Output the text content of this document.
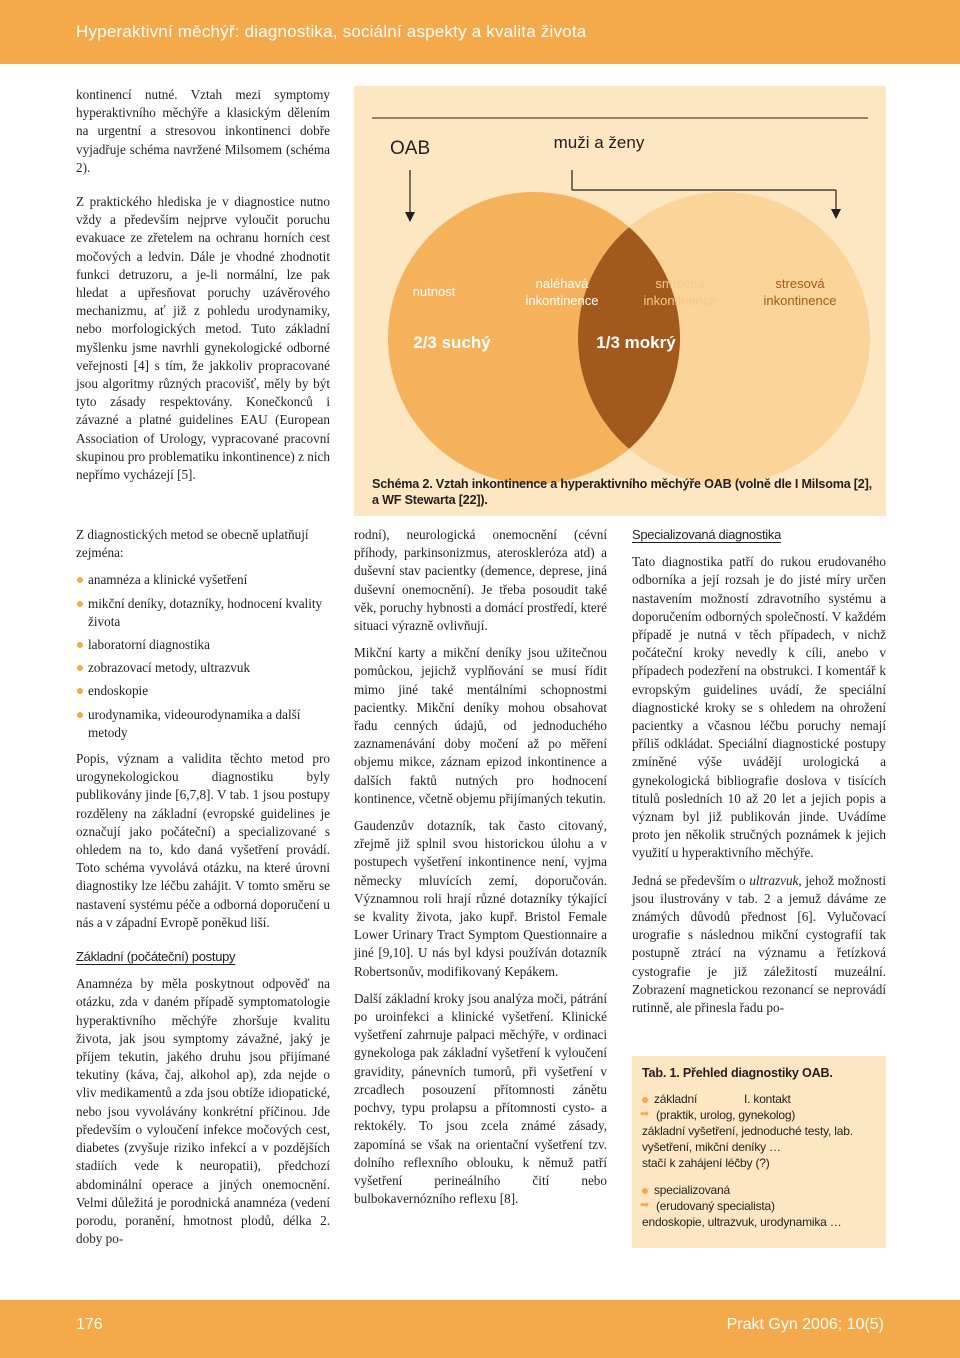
Hyperaktivní měchýř: diagnostika, sociální aspekty a kvalita života

kontinencí nutné. Vztah mezi symptomy hyperaktivního měchýře a klasickým dělením na urgentní a stresovou inkontinenci dobře vyjadřuje schéma navržené Milsomem (schéma 2).

Z praktického hlediska je v diagnostice nutno vždy a především nejprve vyloučit poruchu evakuace ze zřetelem na ochranu horních cest močových a ledvin. Dále je vhodné zhodnotit funkci detruzoru, a je-li normální, lze pak hledat a upřesňovat poruchy uzávěrového mechanizmu, ať již z pohledu urodynamiky, nebo morfologických metod. Tuto základní myšlenku jsme navrhli gynekologické odborné veřejnosti [4] s tím, že jakkoliv propracované jsou algoritmy různých pracovišť, měly by být tyto zásady respektovány. Konečkonců i závazné a platné guidelines EAU (European Association of Urology, vypracované pracovní skupinou pro problematiku inkontinence) z nich nepřímo vycházejí [5].

nutnost
naléhavá
inkontinence
smíšená
inkontinence
stresová
inkontinence
2/3 suchý	1/3 mokrý
OAB	muži a ženy
Schéma 2. Vztah inkontinence a hyperaktivního měchýře OAB (volně dle I Milsoma [2],
a WF Stewarta [22]).

Z diagnostických metod se obecně uplatňují zejména:

anamnéza a klinické vyšetření
mikční deníky, dotazníky, hodnocení kvality života
laboratorní diagnostika
zobrazovací metody, ultrazvuk
endoskopie
urodynamika, videourodynamika a další metody

Popis, význam a validita těchto metod pro urogynekologickou diagnostiku byly publikovány jinde [6,7,8]. V tab. 1 jsou postupy rozděleny na základní (evropské guidelines je označují jako počáteční) a specializované s ohledem na to, kdo daná vyšetření provádí. Toto schéma vyvolává otázku, na které úrovni diagnostiky lze léčbu zahájit. V tomto směru se nastavení systému péče a odborná doporučení u nás a v západní Evropě poněkud liší.

Základní (počáteční) postupy

Anamnéza by měla poskytnout odpověď na otázku, zda v daném případě symptomatologie hyperaktivního měchýře zhoršuje kvalitu života, jak jsou symptomy závažné, jaký je příjem tekutin, jakého druhu jsou přijímané tekutiny (káva, čaj, alkohol ap), zda nejde o vliv medikamentů a zda jsou obtíže idiopatické, nebo jsou vyvolávány konkrétní příčinou. Jde především o vyloučení infekce močových cest, diabetes (zvyšuje riziko infekcí a v pozdějších stadiích vede k neuropatii), předchozí abdominální operace a jiných onemocnění. Velmi důležitá je porodnická anamnéza (vedení porodu, poranění, hmotnost plodů, délka 2. doby po-

rodní), neurologická onemocnění (cévní příhody, parkinsonizmus, ateroskleróza atd) a duševní stav pacientky (demence, deprese, jiná duševní onemocnění). Je třeba posoudit také věk, poruchy hybnosti a domácí prostředí, které situaci výrazně ovlivňují.

Mikční karty a mikční deníky jsou užitečnou pomůckou, jejichž vyplňování se musí řídit mimo jiné také mentálními schopnostmi pacientky. Mikční deníky mohou obsahovat řadu cenných údajů, od jednoduchého zaznamenávání doby močení až po měření objemu mikce, záznam epizod inkontinence a dalších faktů nutných pro hodnocení kontinence, včetně objemu přijímaných tekutin.

Gaudenzův dotazník, tak často citovaný, zřejmě již splnil svou historickou úlohu a v postupech vyšetření inkontinence není, vyjma německy mluvících zemí, doporučován. Významnou roli hrají různé dotazníky týkající se kvality života, jako kupř. Bristol Female Lower Urinary Tract Symptom Questionnaire a jiné [9,10]. U nás byl kdysi používán dotazník Robertsonův, modifikovaný Kepákem.

Další základní kroky jsou analýza moči, pátrání po uroinfekci a klinické vyšetření. Klinické vyšetření zahrnuje palpaci měchýře, v ordinaci gynekologa pak základní vyšetření k vyloučení gravidity, pánevních tumorů, při vyšetření v zrcadlech posouzení přítomnosti zánětu pochvy, typu prolapsu a přítomnosti cysto- a rektokély. To jsou zcela známé zásady, zapomíná se však na orientační vyšetření tzv. dolního reflexního oblouku, k němuž patří vyšetření perineálního čití nebo bulbokavernózního reflexu [8].

Specializovaná diagnostika

Tato diagnostika patří do rukou erudovaného odborníka a její rozsah je do jisté míry určen nastavením možností zdravotního systému a doporučením odborných společností. V každém případě je nutná v těch případech, v nichž počáteční kroky nevedly k cíli, anebo v případech podezření na obstrukci. I komentář k evropským guidelines uvádí, že speciální diagnostické kroky se s ohledem na ohrožení pacientky a včasnou léčbu poruchy nemají příliš odkládat. Speciální diagnostické postupy zmíněné výše uvádějí urologická a gynekologická bibliografie doslova v tisících titulů posledních 10 až 20 let a jejich popis a význam byl již publikován jinde. Uvádíme proto jen několik stručných poznámek k jejich využití u hyperaktivního měchýře.

Jedná se především o ultrazvuk, jehož možnosti jsou ilustrovány v tab. 2 a jemuž dáváme ze známých důvodů přednost [6]. Vylučovací urografie s následnou mikční cystografií tak postupně ztrácí na významu a řetízková cystografie je již záležitostí muzeální. Zobrazení magnetickou rezonancí se neprovádí rutinně, ale přinesla řadu po-

Tab. 1. Přehled diagnostiky OAB.
základní	I. kontakt
➡ (praktik, urolog, gynekolog)
základní vyšetření, jednoduché testy, lab.
vyšetření, mikční deníky …
stačí k zahájení léčby (?)
specializovaná
➡ (erudovaný specialista)
endoskopie, ultrazvuk, urodynamika …
176	Prakt Gyn 2006; 10(5)
